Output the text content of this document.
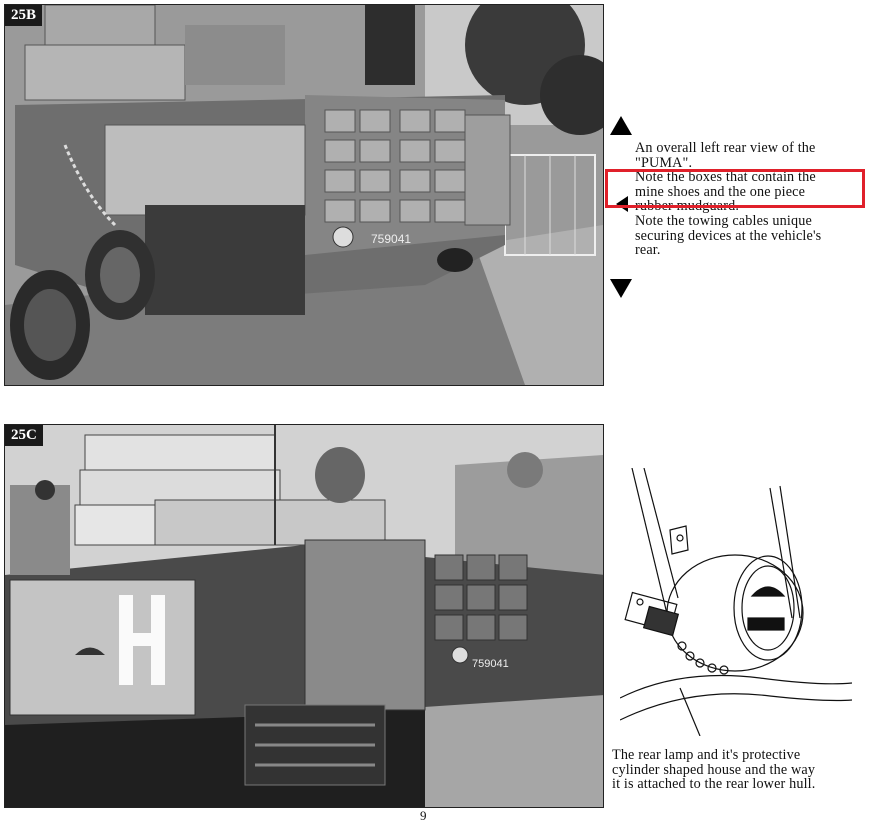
25B
759041

An overall left rear view of the

"PUMA".

Note the boxes that contain the

mine shoes and the one piece

rubber mudguard.

Note the towing cables unique

securing devices at the vehicle's

rear.

25C
759041

The rear lamp and it's protective

cylinder shaped house and the way

it is attached to the rear lower hull.

9
